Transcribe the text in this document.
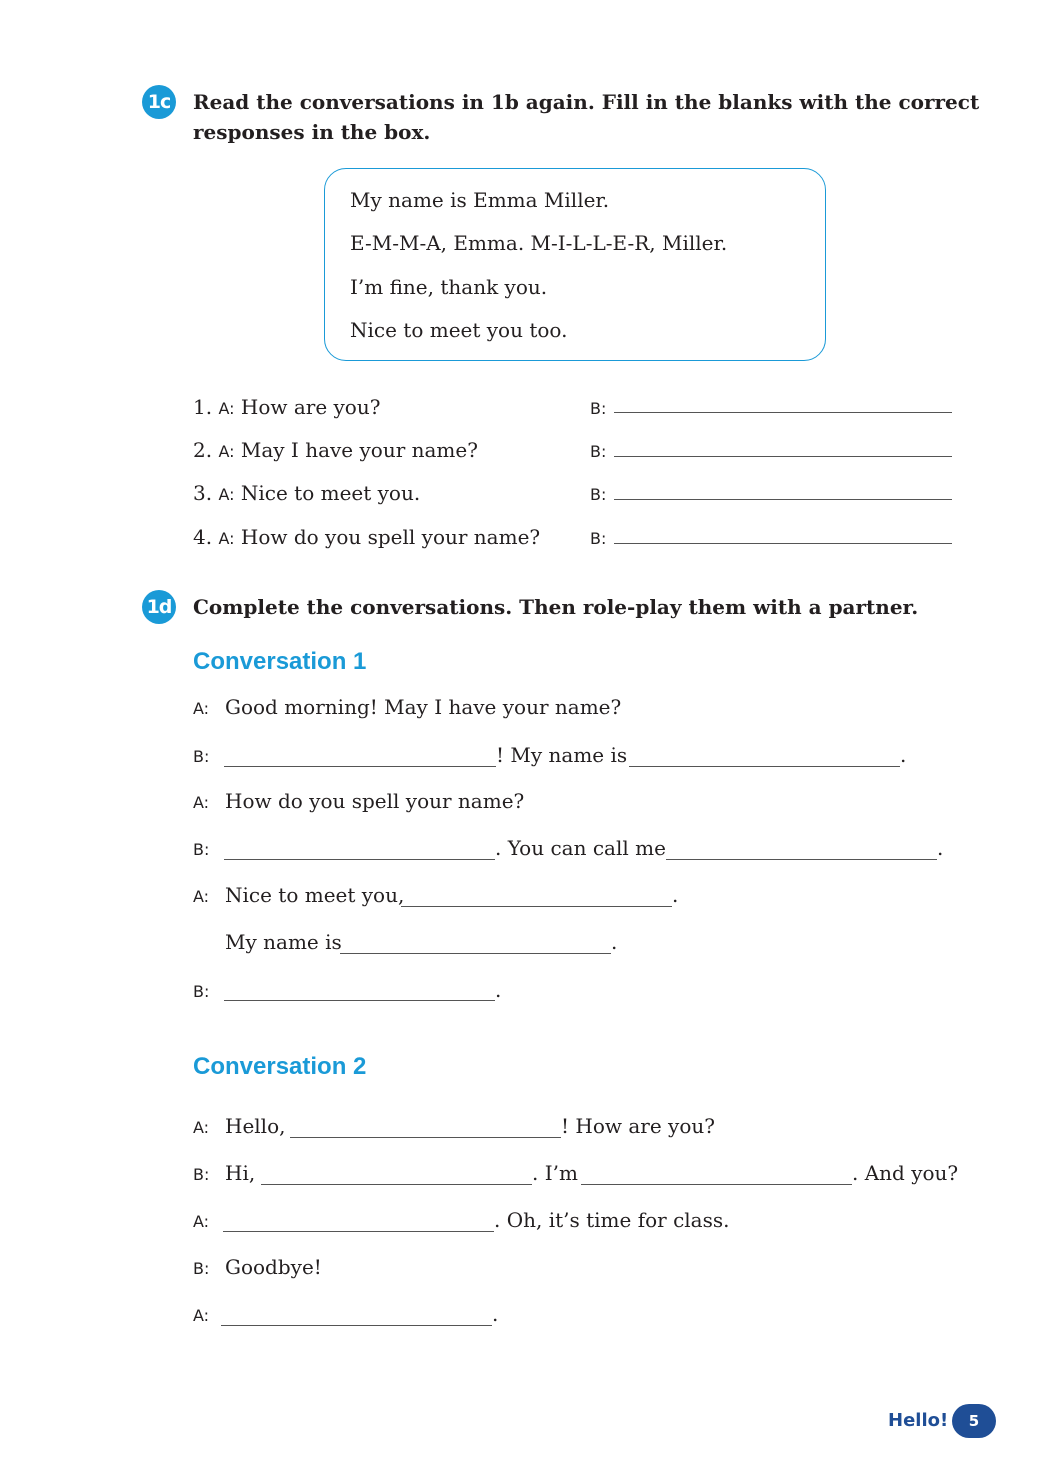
1c Read the conversations in 1b again. Fill in the blanks with the correct
responses in the box.
My name is Emma Miller.
E-M-M-A, Emma. M-I-L-L-E-R, Miller.
I’m fine, thank you.
Nice to meet you too.
1. A: How are you?	B:
2. A: May I have your name?	B:
3. A: Nice to meet you.	B:
4. A: How do you spell your name?	B:
1d Complete the conversations. Then role-play them with a partner.
Conversation 1
A: Good morning! May I have your name?
B:	! My name is	.
A: How do you spell your name?
B:	. You can call me	.
A: Nice to meet you,	.
My name is	.
B:	.
Conversation 2
A: Hello,	! How are you?
B: Hi,	. I’m	. And you?
A:	. Oh, it’s time for class.
B: Goodbye!
A:	.
Hello!	5
